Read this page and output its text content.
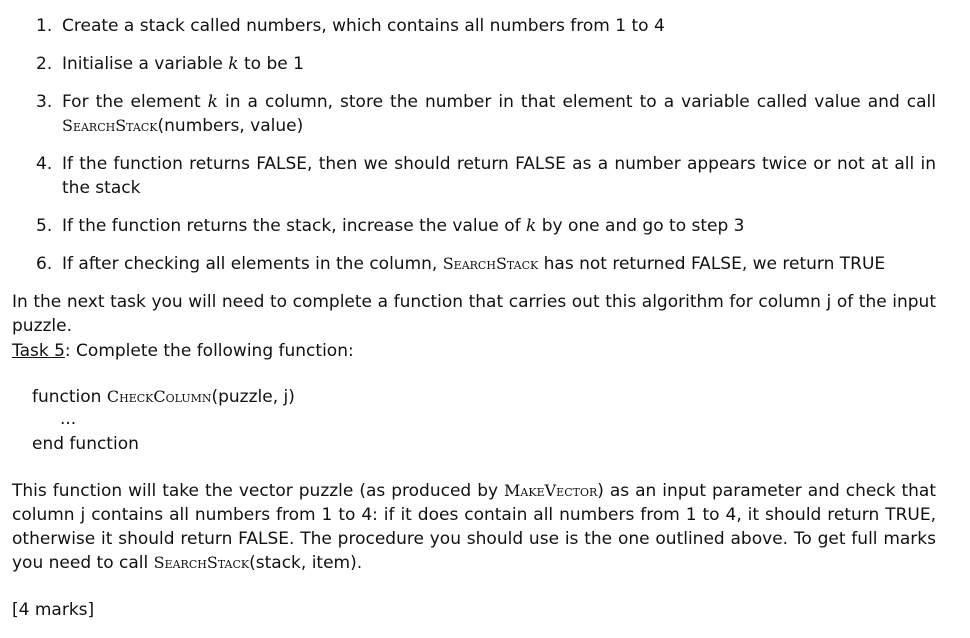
1. Create a stack called numbers, which contains all numbers from 1 to 4
2. Initialise a variable k to be 1
3. For the element k in a column, store the number in that element to a variable called value and call SearchStack(numbers, value)
4. If the function returns FALSE, then we should return FALSE as a number appears twice or not at all in the stack
5. If the function returns the stack, increase the value of k by one and go to step 3
6. If after checking all elements in the column, SearchStack has not returned FALSE, we return TRUE

In the next task you will need to complete a function that carries out this algorithm for column j of the input puzzle.

Task 5: Complete the following function:

function CheckColumn(puzzle, j)
...
end function

This function will take the vector puzzle (as produced by MakeVector) as an input parameter and check that column j contains all numbers from 1 to 4: if it does contain all numbers from 1 to 4, it should return TRUE, otherwise it should return FALSE. The procedure you should use is the one outlined above. To get full marks you need to call SearchStack(stack, item).

[4 marks]
